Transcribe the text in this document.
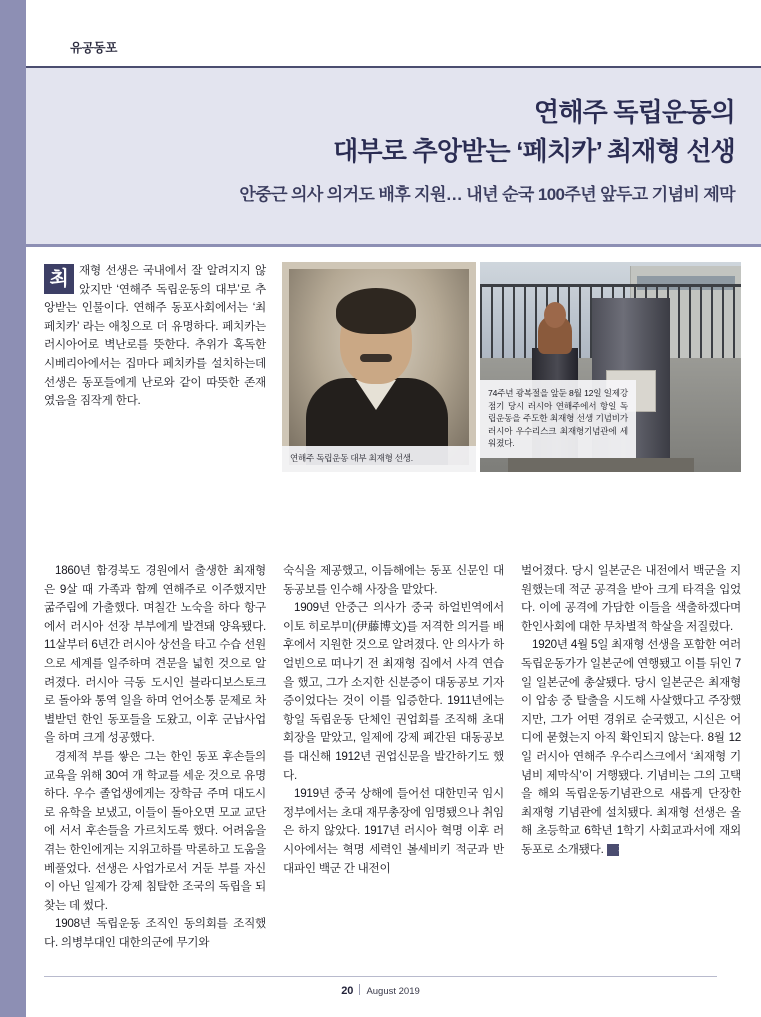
유공동포
연해주 독립운동의
대부로 추앙받는 ‘페치카’ 최재형 선생
안중근 의사 의거도 배후 지원… 내년 순국 100주년 앞두고 기념비 제막

최 재형 선생은 국내에서 잘 알려지지 않았지만 ‘연해주 독립운동의 대부’로 추앙받는 인물이다. 연해주 동포사회에서는 ‘최 페치카’ 라는 애칭으로 더 유명하다. 페치카는 러시아어로 벽난로를 뜻한다. 추위가 혹독한 시베리아에서는 집마다 페치카를 설치하는데 선생은 동포들에게 난로와 같이 따뜻한 존재였음을 짐작게 한다.

연해주 독립운동 대부 최재형 선생.
74주년 광복절을 앞둔 8월 12일 일제강점기 당시 러시아 연해주에서 항일 독립운동을 주도한 최재형 선생 기념비가 러시아 우수리스크 최재형기념관에 세워졌다.

1860년 함경북도 경원에서 출생한 최재형은 9살 때 가족과 함께 연해주로 이주했지만 굶주림에 가출했다. 며칠간 노숙을 하다 항구에서 러시아 선장 부부에게 발견돼 양육됐다. 11살부터 6년간 러시아 상선을 타고 수습 선원으로 세계를 일주하며 견문을 넓힌 것으로 알려졌다. 러시아 극동 도시인 블라디보스토크로 돌아와 통역 일을 하며 언어소통 문제로 차별받던 한인 동포들을 도왔고, 이후 군납사업을 하며 크게 성공했다.

경제적 부를 쌓은 그는 한인 동포 후손들의 교육을 위해 30여 개 학교를 세운 것으로 유명하다. 우수 졸업생에게는 장학금 주며 대도시로 유학을 보냈고, 이들이 돌아오면 모교 교단에 서서 후손들을 가르치도록 했다. 어려움을 겪는 한인에게는 지위고하를 막론하고 도움을 베풀었다. 선생은 사업가로서 거둔 부를 자신이 아닌 일제가 강제 침탈한 조국의 독립을 되찾는 데 썼다.

1908년 독립운동 조직인 동의회를 조직했다. 의병부대인 대한의군에 무기와

숙식을 제공했고, 이듬해에는 동포 신문인 대동공보를 인수해 사장을 맡았다.

1909년 안중근 의사가 중국 하얼빈역에서 이토 히로부미(伊藤博文)를 저격한 의거를 배후에서 지원한 것으로 알려졌다. 안 의사가 하얼빈으로 떠나기 전 최재형 집에서 사격 연습을 했고, 그가 소지한 신분증이 대동공보 기자증이었다는 것이 이를 입증한다. 1911년에는 항일 독립운동 단체인 권업회를 조직해 초대 회장을 맡았고, 일제에 강제 폐간된 대동공보를 대신해 1912년 권업신문을 발간하기도 했다.

1919년 중국 상해에 들어선 대한민국 임시정부에서는 초대 재무총장에 임명됐으나 취임은 하지 않았다. 1917년 러시아 혁명 이후 러시아에서는 혁명 세력인 볼세비키 적군과 반대파인 백군 간 내전이

벌어졌다. 당시 일본군은 내전에서 백군을 지원했는데 적군 공격을 받아 크게 타격을 입었다. 이에 공격에 가담한 이들을 색출하겠다며 한인사회에 대한 무차별적 학살을 저질렀다.

1920년 4월 5일 최재형 선생을 포함한 여러 독립운동가가 일본군에 연행됐고 이틀 뒤인 7일 일본군에 총살됐다. 당시 일본군은 최재형이 압송 중 탈출을 시도해 사살했다고 주장했지만, 그가 어떤 경위로 순국했고, 시신은 어디에 묻혔는지 아직 확인되지 않는다. 8월 12일 러시아 연해주 우수리스크에서 ‘최재형 기념비 제막식’이 거행됐다. 기념비는 그의 고택을 해외 독립운동기념관으로 새롭게 단장한 최재형 기념관에 설치됐다. 최재형 선생은 올해 초등학교 6학년 1학기 사회교과서에 재외동포로 소개됐다. 기

20 August 2019
